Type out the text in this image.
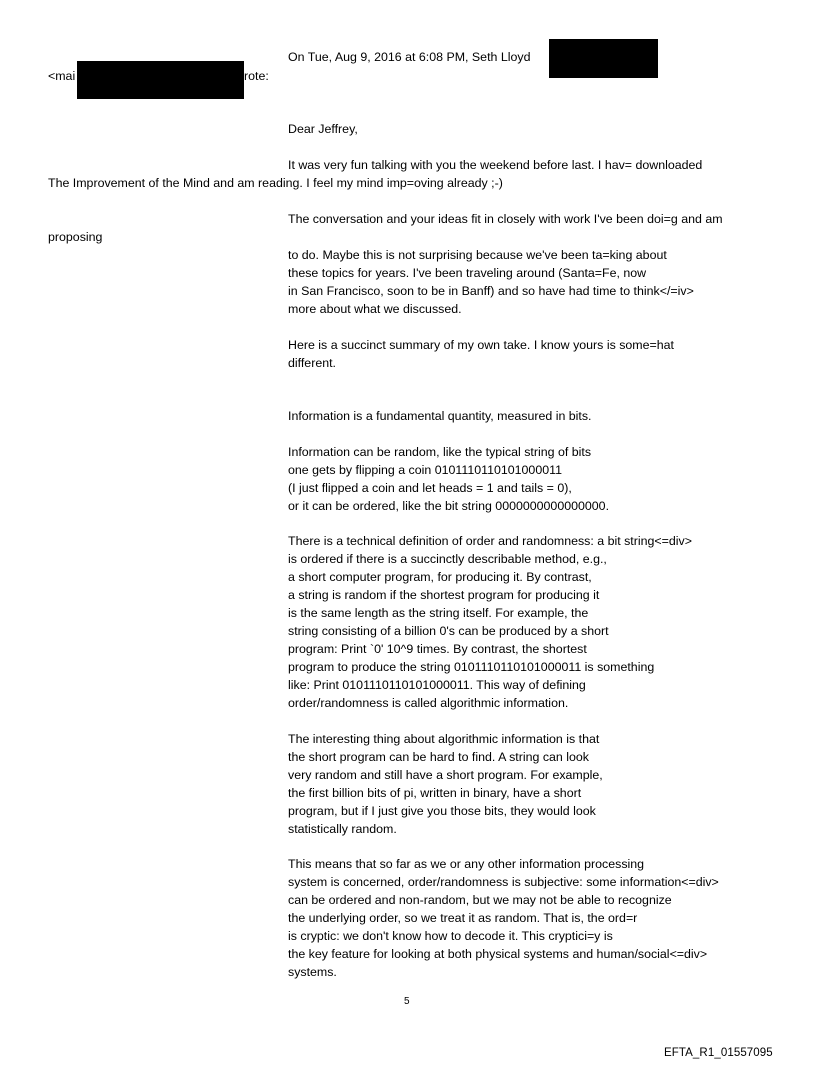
On Tue, Aug 9, 2016 at 6:08 PM, Seth Lloyd
<mai	rote:
Dear Jeffrey,
It was very fun talking with you the weekend before last. I hav= downloaded
The Improvement of the Mind and am reading. I feel my mind imp=oving already ;-)
The conversation and your ideas fit in closely with work I've been doi=g and am
proposing
to do. Maybe this is not surprising because we've been ta=king about
these topics for years. I've been traveling around (Santa=Fe, now
in San Francisco, soon to be in Banff) and so have had time to think</=iv>
more about what we discussed.
Here is a succinct summary of my own take. I know yours is some=hat
different.
Information is a fundamental quantity, measured in bits.
Information can be random, like the typical string of bits
one gets by flipping a coin 0101110110101000011
(I just flipped a coin and let heads = 1 and tails = 0),
or it can be ordered, like the bit string 0000000000000000.
There is a technical definition of order and randomness: a bit string<=div>
is ordered if there is a succinctly describable method, e.g.,
a short computer program, for producing it. By contrast,
a string is random if the shortest program for producing it
is the same length as the string itself. For example, the
string consisting of a billion 0's can be produced by a short
program: Print `0' 10^9 times. By contrast, the shortest
program to produce the string 0101110110101000011 is something
like: Print 0101110110101000011. This way of defining
order/randomness is called algorithmic information.
The interesting thing about algorithmic information is that
the short program can be hard to find. A string can look
very random and still have a short program. For example,
the first billion bits of pi, written in binary, have a short
program, but if I just give you those bits, they would look
statistically random.
This means that so far as we or any other information processing
system is concerned, order/randomness is subjective: some information<=div>
can be ordered and non-random, but we may not be able to recognize
the underlying order, so we treat it as random. That is, the ord=r
is cryptic: we don't know how to decode it. This cryptici=y is
the key feature for looking at both physical systems and human/social<=div>
systems.
5
EFTA_R1_01557095
